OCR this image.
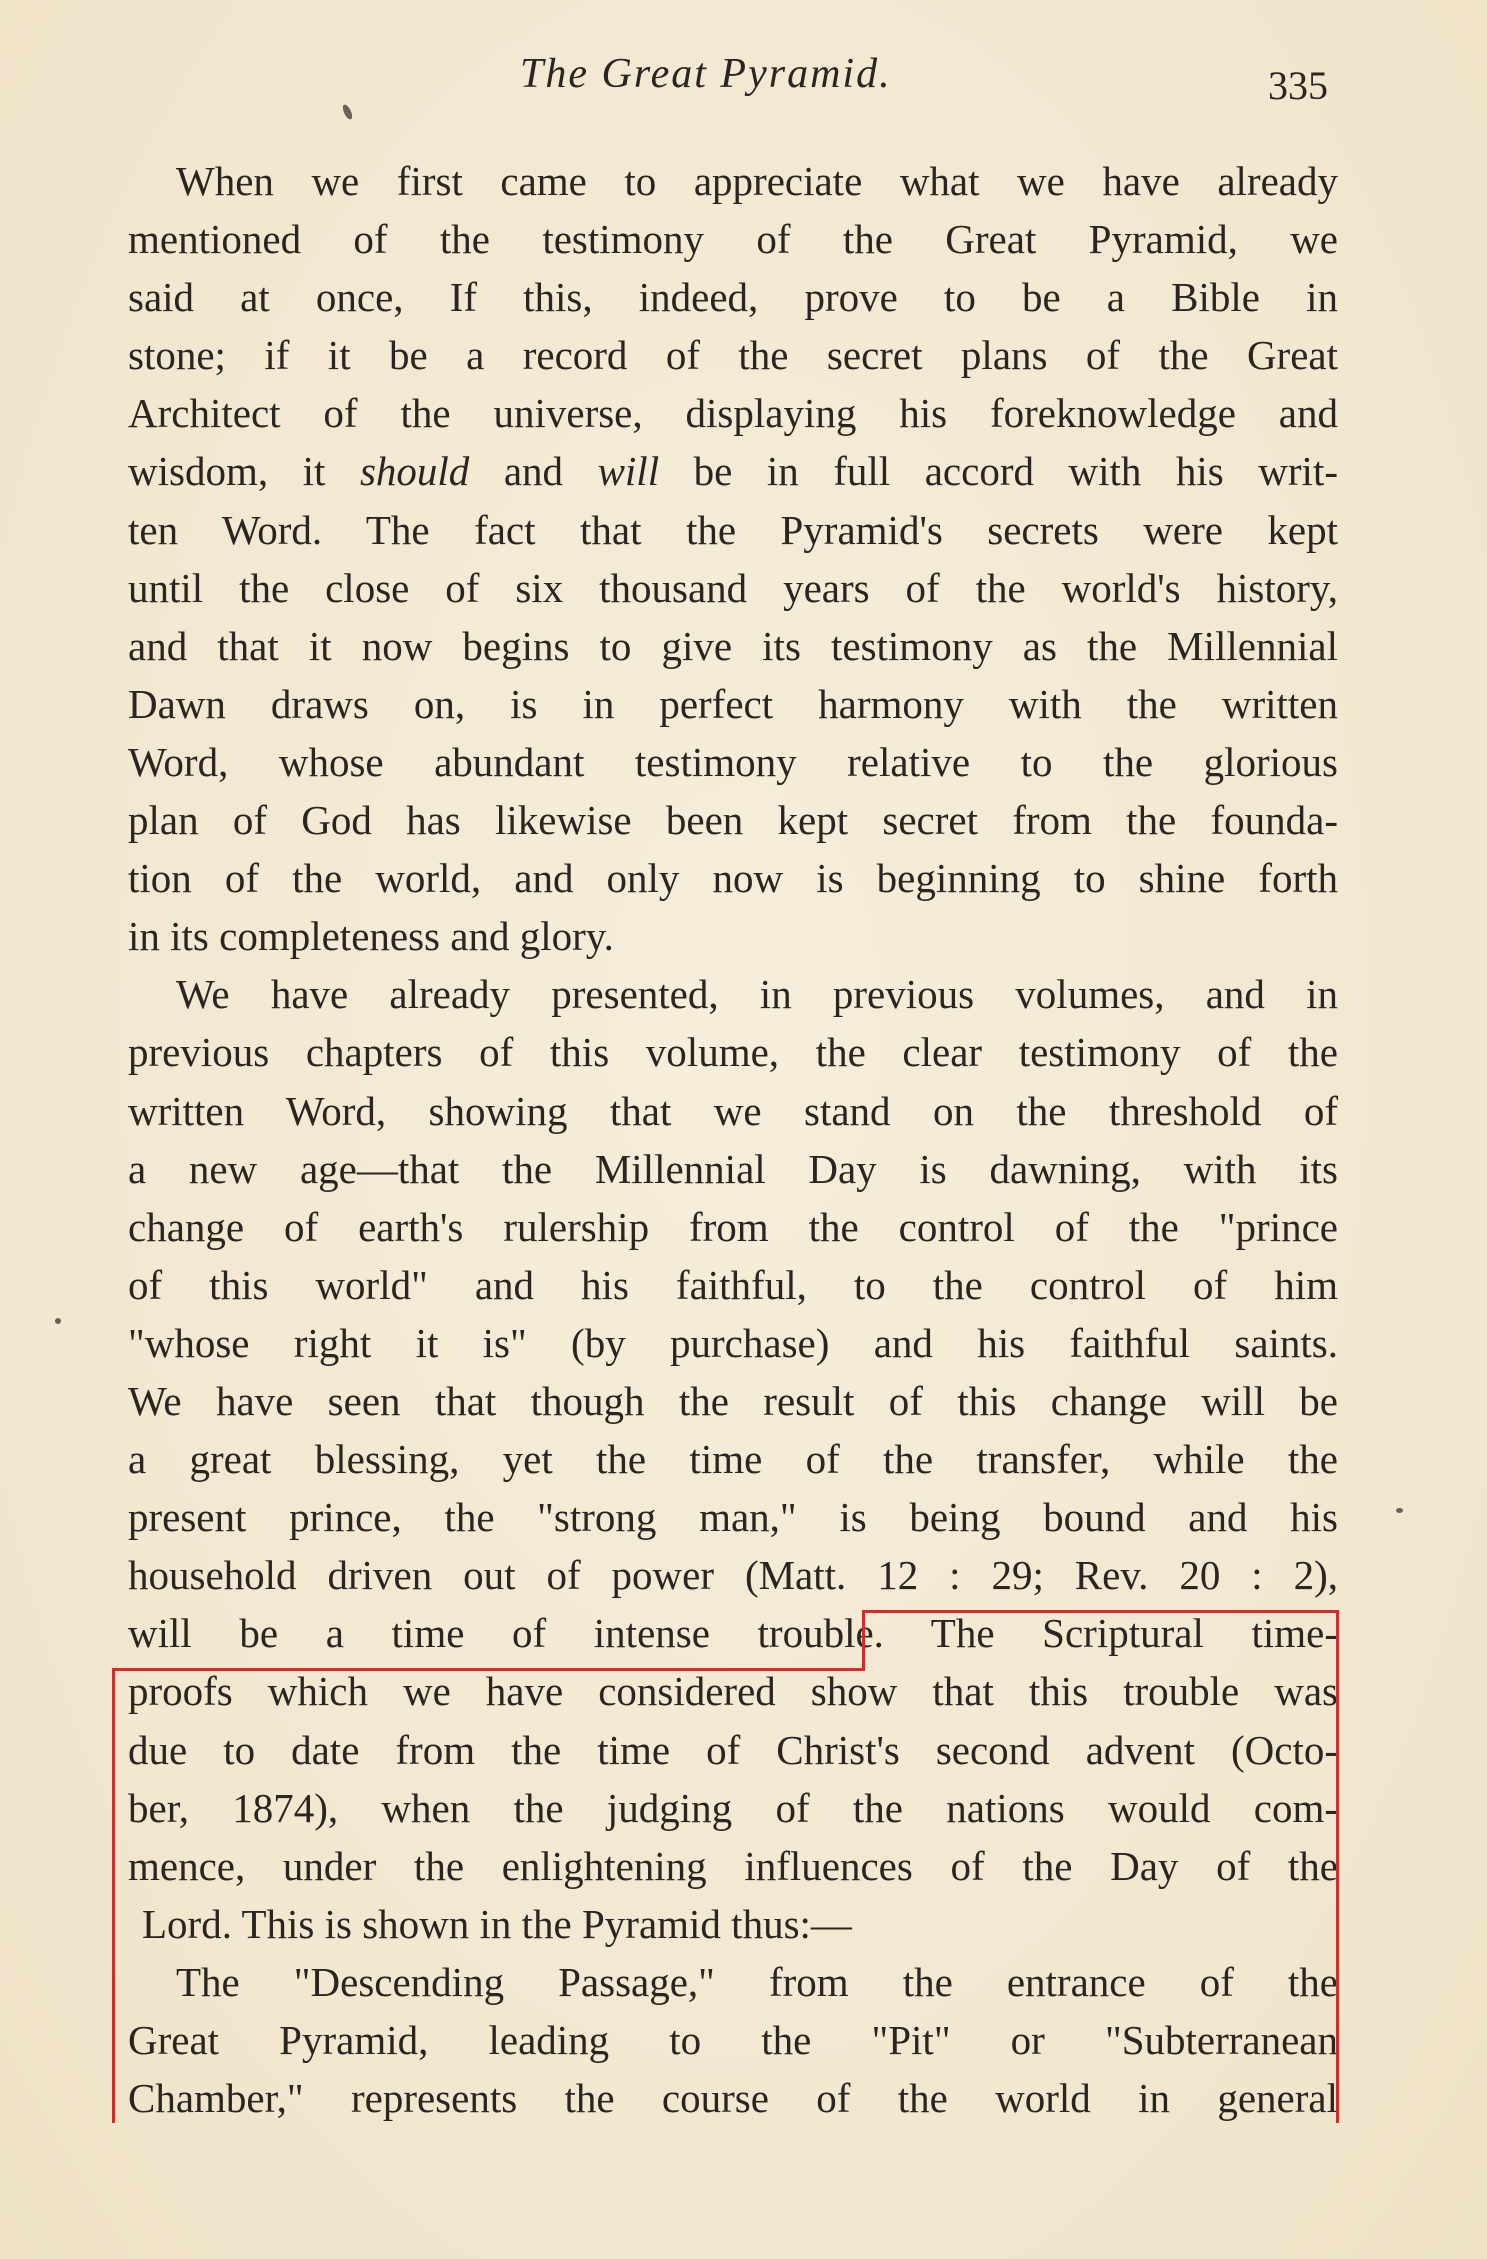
The Great Pyramid.	335
When we first came to appreciate what we have already
mentioned of the testimony of the Great Pyramid, we
said at once, If this, indeed, prove to be a Bible in
stone; if it be a record of the secret plans of the Great
Architect of the universe, displaying his foreknowledge and
wisdom, it should and will be in full accord with his writ-
ten Word. The fact that the Pyramid's secrets were kept
until the close of six thousand years of the world's history,
and that it now begins to give its testimony as the Millennial
Dawn draws on, is in perfect harmony with the written
Word, whose abundant testimony relative to the glorious
plan of God has likewise been kept secret from the founda-
tion of the world, and only now is beginning to shine forth
in its completeness and glory.
We have already presented, in previous volumes, and in
previous chapters of this volume, the clear testimony of the
written Word, showing that we stand on the threshold of
a new age—that the Millennial Day is dawning, with its
change of earth's rulership from the control of the "prince
of this world" and his faithful, to the control of him
"whose right it is" (by purchase) and his faithful saints.
We have seen that though the result of this change will be
a great blessing, yet the time of the transfer, while the
present prince, the "strong man," is being bound and his
household driven out of power (Matt. 12 : 29; Rev. 20 : 2),
will be a time of intense trouble. The Scriptural time-
proofs which we have considered show that this trouble was
due to date from the time of Christ's second advent (Octo-
ber, 1874), when the judging of the nations would com-
mence, under the enlightening influences of the Day of the
Lord. This is shown in the Pyramid thus:—
The "Descending Passage," from the entrance of the
Great Pyramid, leading to the "Pit" or "Subterranean
Chamber," represents the course of the world in general
